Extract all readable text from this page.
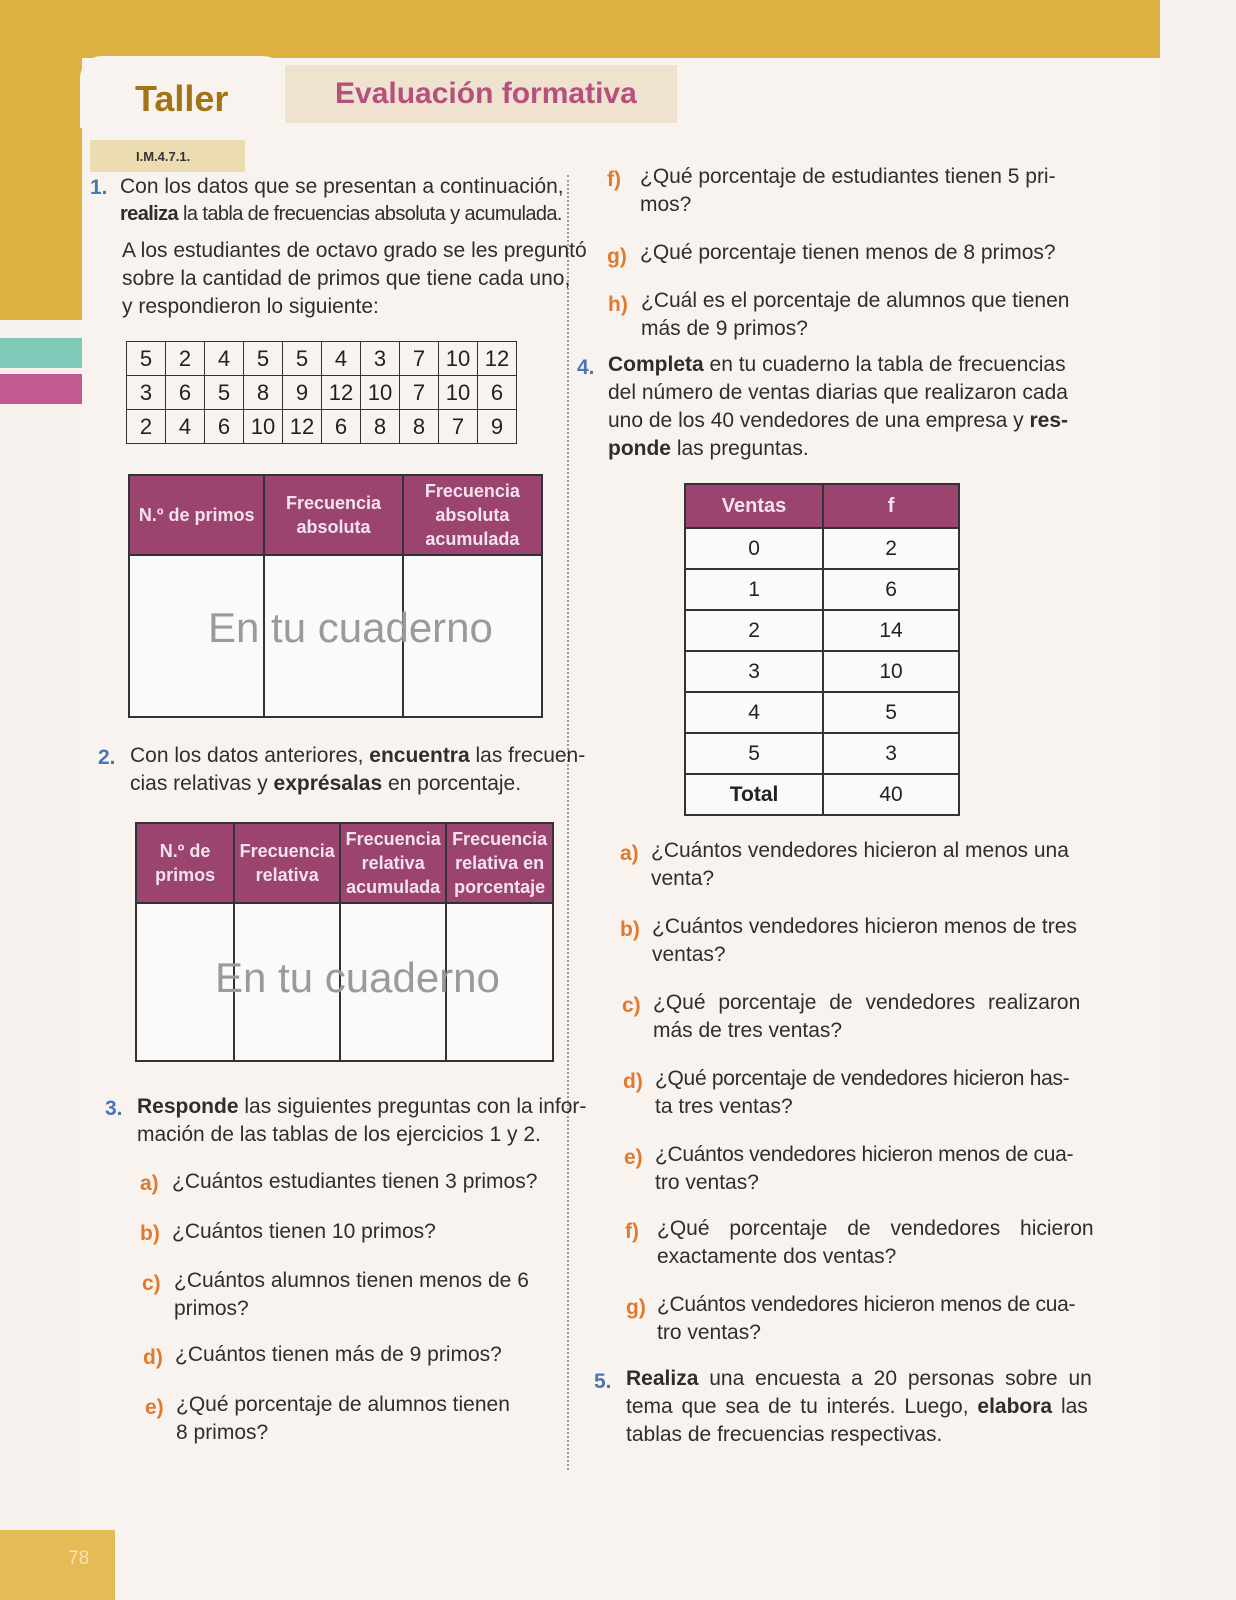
Taller	Evaluación formativa
78
I.M.4.7.1.
1. Con los datos que se presentan a continuación,
realiza la tabla de frecuencias absoluta y acumulada.
A los estudiantes de octavo grado se les preguntó
sobre la cantidad de primos que tiene cada uno,
y respondieron lo siguiente:
5	2	4	5	5	4	3	7	10	12
3	6	5	8	9	12	10	7	10	6
2	4	6	10	12	6	8	8	7	9
N.º de primos	Frecuencia absoluta	Frecuencia absoluta acumulada

En tu cuaderno
2. Con los datos anteriores, encuentra las frecuen-
cias relativas y exprésalas en porcentaje.
N.º de primos	Frecuencia relativa	Frecuencia relativa acumulada	Frecuencia relativa en porcentaje

En tu cuaderno
3. Responde las siguientes preguntas con la infor-
mación de las tablas de los ejercicios 1 y 2.
a) ¿Cuántos estudiantes tienen 3 primos?
b) ¿Cuántos tienen 10 primos?
c) ¿Cuántos alumnos tienen menos de 6
primos?
d) ¿Cuántos tienen más de 9 primos?
e) ¿Qué porcentaje de alumnos tienen
8 primos?
f) ¿Qué porcentaje de estudiantes tienen 5 pri-
mos?
g) ¿Qué porcentaje tienen menos de 8 primos?
h) ¿Cuál es el porcentaje de alumnos que tienen
más de 9 primos?
4. Completa en tu cuaderno la tabla de frecuencias
del número de ventas diarias que realizaron cada
uno de los 40 vendedores de una empresa y res-
ponde las preguntas.
Ventas	f
0	2
1	6
2	14
3	10
4	5
5	3
Total	40
a) ¿Cuántos vendedores hicieron al menos una
venta?
b) ¿Cuántos vendedores hicieron menos de tres
ventas?
c) ¿Qué porcentaje de vendedores realizaron
más de tres ventas?
d) ¿Qué porcentaje de vendedores hicieron has-
ta tres ventas?
e) ¿Cuántos vendedores hicieron menos de cua-
tro ventas?
f) ¿Qué porcentaje de vendedores hicieron
exactamente dos ventas?
g) ¿Cuántos vendedores hicieron menos de cua-
tro ventas?
5. Realiza una encuesta a 20 personas sobre un
tema que sea de tu interés. Luego, elabora las
tablas de frecuencias respectivas.
